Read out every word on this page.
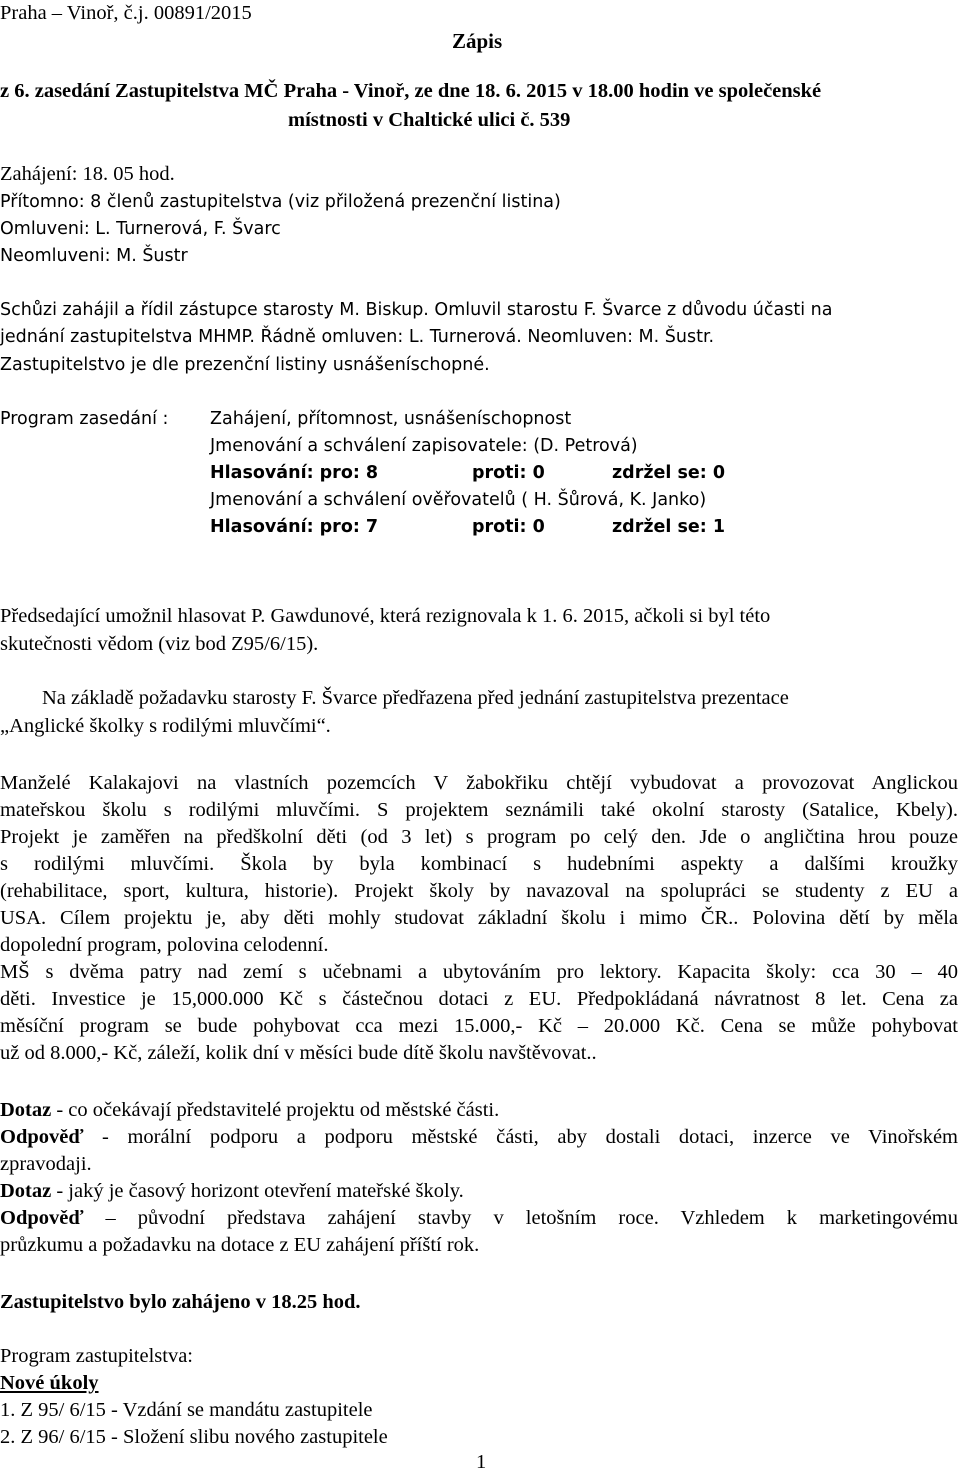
Praha – Vinoř, č.j. 00891/2015
Zápis
z 6. zasedání Zastupitelstva MČ Praha - Vinoř, ze dne 18. 6. 2015 v 18.00 hodin ve společenské
místnosti v Chaltické ulici č. 539
Zahájení: 18. 05 hod.
Přítomno: 8 členů zastupitelstva (viz přiložená prezenční listina)
Omluveni: L. Turnerová, F. Švarc
Neomluveni: M. Šustr
Schůzi zahájil a řídil zástupce starosty M. Biskup. Omluvil starostu F. Švarce z důvodu účasti na
jednání zastupitelstva MHMP. Řádně omluven: L. Turnerová. Neomluven: M. Šustr.
Zastupitelstvo je dle prezenční listiny usnášeníschopné.
Program zasedání : Zahájení, přítomnost, usnášeníschopnost
Jmenování a schválení zapisovatele: (D. Petrová)
Hlasování: pro: 8	proti: 0	zdržel se: 0
Jmenování a schválení ověřovatelů ( H. Šůrová, K. Janko)
Hlasování: pro: 7	proti: 0	zdržel se: 1
Předsedající umožnil hlasovat P. Gawdunové, která rezignovala k 1. 6. 2015, ačkoli si byl této
skutečnosti vědom (viz bod Z95/6/15).
Na základě požadavku starosty F. Švarce předřazena před jednání zastupitelstva prezentace
„Anglické školky s rodilými mluvčími“.
Manželé Kalakajovi na vlastních pozemcích V žabokřiku chtějí vybudovat a provozovat Anglickou
mateřskou školu s rodilými mluvčími. S projektem seznámili také okolní starosty (Satalice, Kbely).
Projekt je zaměřen na předškolní děti (od 3 let) s program po celý den. Jde o angličtina hrou pouze
s rodilými mluvčími. Škola by byla kombinací s hudebními aspekty a dalšími kroužky
(rehabilitace, sport, kultura, historie). Projekt školy by navazoval na spolupráci se studenty z EU a
USA. Cílem projektu je, aby děti mohly studovat základní školu i mimo ČR.. Polovina dětí by měla
dopolední program, polovina celodenní.
MŠ s dvěma patry nad zemí s učebnami a ubytováním pro lektory. Kapacita školy: cca 30 – 40
děti. Investice je 15,000.000 Kč s částečnou dotaci z EU. Předpokládaná návratnost 8 let. Cena za
měsíční program se bude pohybovat cca mezi 15.000,- Kč – 20.000 Kč. Cena se může pohybovat
už od 8.000,- Kč, záleží, kolik dní v měsíci bude dítě školu navštěvovat..
Dotaz - co očekávají představitelé projektu od městské části.
Odpověď - morální podporu a podporu městské části, aby dostali dotaci, inzerce ve Vinořském
zpravodaji.
Dotaz - jaký je časový horizont otevření mateřské školy.
Odpověď – původní představa zahájení stavby v letošním roce. Vzhledem k marketingovému
průzkumu a požadavku na dotace z EU zahájení příští rok.
Zastupitelstvo bylo zahájeno v 18.25 hod.
Program zastupitelstva:
Nové úkoly
1. Z 95/ 6/15 - Vzdání se mandátu zastupitele
2. Z 96/ 6/15 - Složení slibu nového zastupitele
1
